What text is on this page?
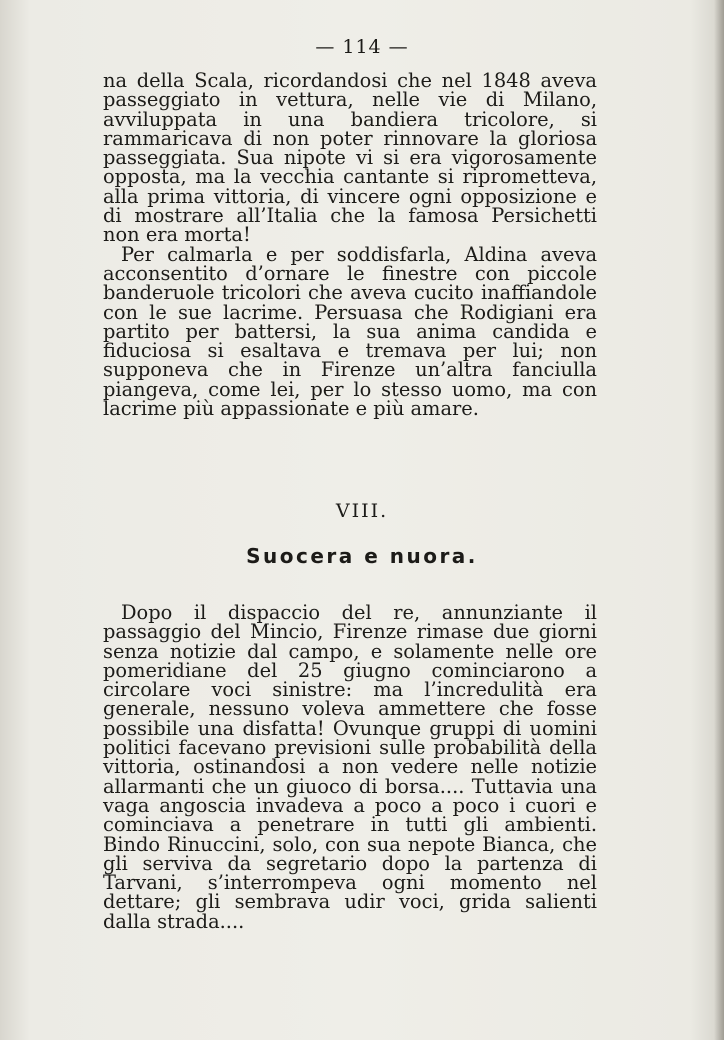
— 114 —

na della Scala, ricordandosi che nel 1848 aveva passeggiato in vettura, nelle vie di Milano, avviluppata in una bandiera tricolore, si rammaricava di non poter rinnovare la gloriosa passeggiata. Sua nipote vi si era vigorosamente opposta, ma la vecchia cantante si riprometteva, alla prima vittoria, di vincere ogni opposizione e di mostrare all’Italia che la famosa Persichetti non era morta!

Per calmarla e per soddisfarla, Aldina aveva acconsentito d’ornare le finestre con piccole banderuole tricolori che aveva cucito inaffiandole con le sue lacrime. Persuasa che Rodigiani era partito per battersi, la sua anima candida e fiduciosa si esaltava e tremava per lui; non supponeva che in Firenze un’altra fanciulla piangeva, come lei, per lo stesso uomo, ma con lacrime più appassionate e più amare.

VIII.
Suocera e nuora.

Dopo il dispaccio del re, annunziante il passaggio del Mincio, Firenze rimase due giorni senza notizie dal campo, e solamente nelle ore pomeridiane del 25 giugno cominciarono a circolare voci sinistre: ma l’incredulità era generale, nessuno voleva ammettere che fosse possibile una disfatta! Ovunque gruppi di uomini politici facevano previsioni sulle probabilità della vittoria, ostinandosi a non vedere nelle notizie allarmanti che un giuoco di borsa.... Tuttavia una vaga angoscia invadeva a poco a poco i cuori e cominciava a penetrare in tutti gli ambienti. Bindo Rinuccini, solo, con sua nepote Bianca, che gli serviva da segretario dopo la partenza di Tarvani, s’interrompeva ogni momento nel dettare; gli sembrava udir voci, grida salienti dalla strada....
